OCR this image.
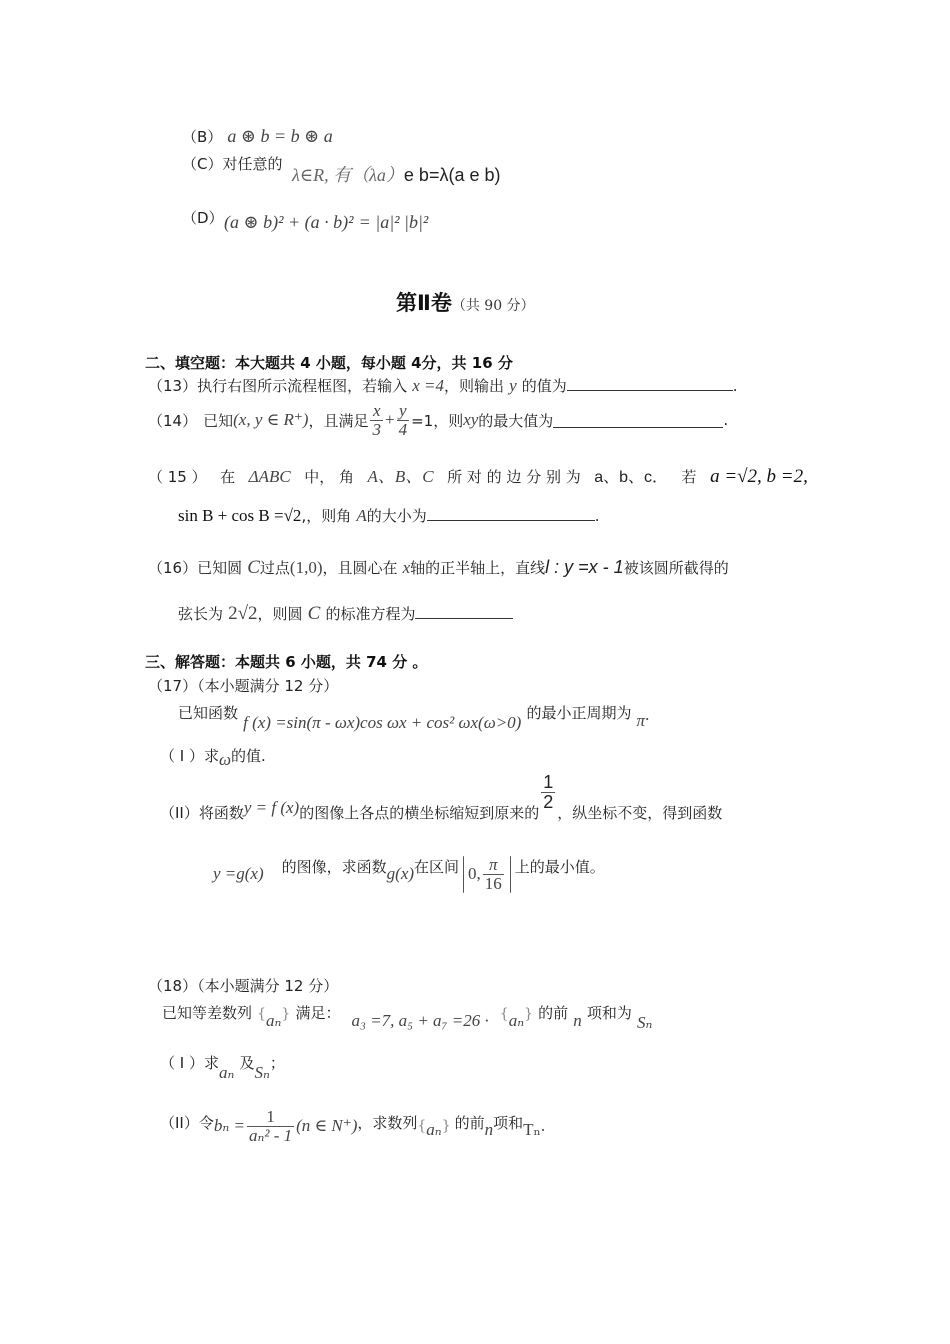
（B） a ⊛ b = b ⊛ a
（C）对任意的
λ∈R, 有（λa）e b=λ(a e b)
（D） (a ⊛ b)² + (a · b)² = |a|² |b|²
第Ⅱ卷（共 90 分）
二、填空题：本大题共 4 小题，每小题 4分，共 16 分
（13）执行右图所示流程框图，若输入 x =4，则输出 y 的值为	.
（14） 已知 (x, y ∈ R⁺) ，且满足 $\frac{x}{3} + \frac{y}{4} =1$，则 xy 的最大值为	.
（ 15 ） 在 ΔABC 中， 角 A、B、C 所 对 的 边 分 别 为 a、b、c． 若 a =√2, b =2,
sin B + cos B =√2,，则角 A的大小为	.
（16）已知圆 C过点(1,0)，且圆心在 x轴的正半轴上，直线l : y =x - 1被该圆所截得的
弦长为 2√2，则圆 C 的标准方程为
三、解答题：本题共 6 小题，共 74 分 。
（17）（本小题满分 12 分）
已知函数 f (x) =sin(π - ωx)cos ωx + cos² ωx(ω>0) 的最小正周期为 π.
（ I ）求ω的值.
（II）将函数 y = f (x) 的图像上各点的横坐标缩短到原来的
$\frac{1}{2}$
，纵坐标不变，得到函数
y =g(x) 的图像，求函数 g(x) 在区间 0, $\frac{\pi}{16}$ 上的最小值。
（18）（本小题满分 12 分）
已知等差数列 {aₙ} 满足： a₃ =7, a₅ + a₇ =26 · {aₙ} 的前 n 项和为 Sₙ
（ I ）求aₙ 及Sₙ；
（II）令 $b_n = \frac{1}{\text{aₙ² - 1}} (n$ ∈ N⁺) ，求数列 { aₙ } 的前 n 项和 Tₙ .
